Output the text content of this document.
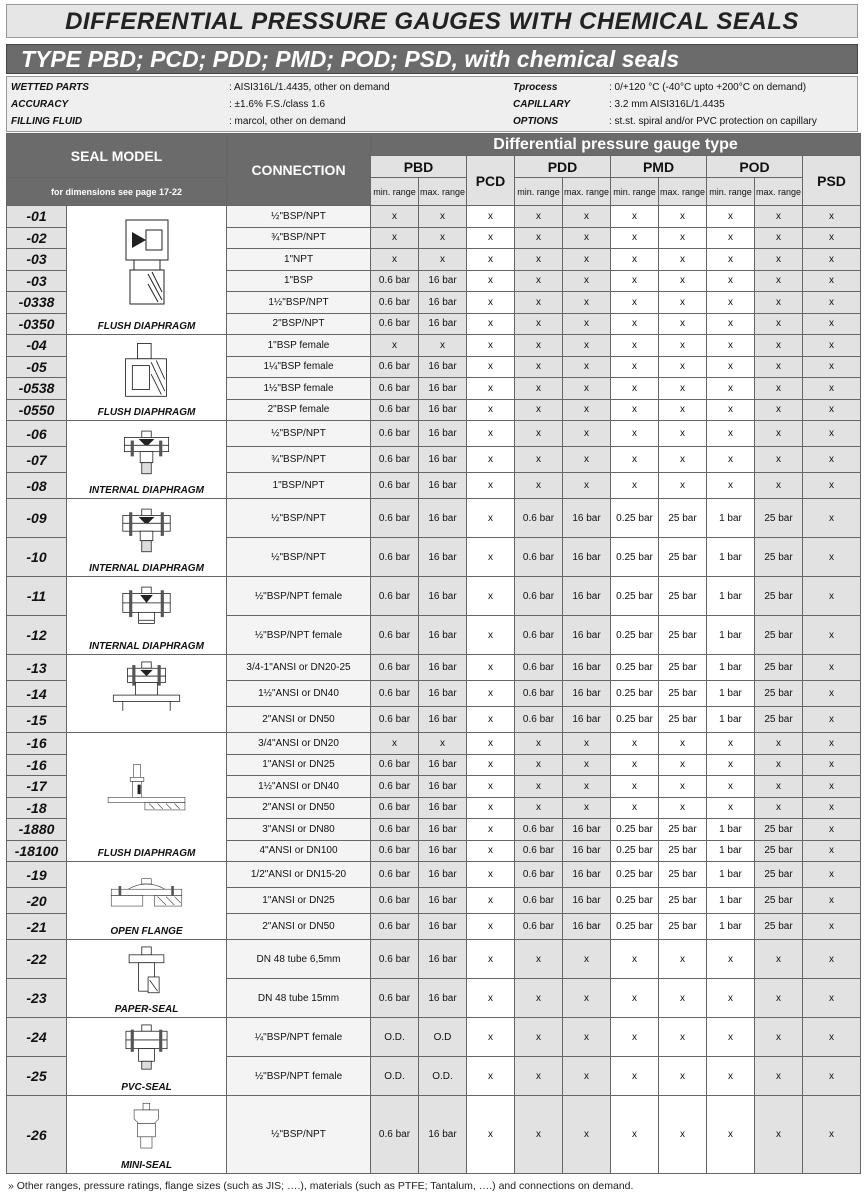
DIFFERENTIAL PRESSURE GAUGES WITH CHEMICAL SEALS
TYPE PBD; PCD; PDD; PMD; POD; PSD, with chemical seals
WETTED PARTS	: AISI316L/1.4435, other on demand
ACCURACY	: ±1.6% F.S./class 1.6
FILLING FLUID	: marcol, other on demand
Tprocess	: 0/+120 °C (-40°C upto +200°C on demand)
CAPILLARY	: 3.2 mm AISI316L/1.4435
OPTIONS	: st.st. spiral and/or PVC protection on capillary
SEAL MODEL		CONNECTION	Differential pressure gauge type									
			PBD		PCD	PDD		PMD		POD		PSD
for dimensions see page 17-22			min. range	max. range		min. range	max. range	min. range	max. range	min. range	max. range	
-01	FLUSH DIAPHRAGM	½"BSP/NPT	x	x	x	x	x	x	x	x	x	x
-02		¾"BSP/NPT	x	x	x	x	x	x	x	x	x	x
-03		1"NPT	x	x	x	x	x	x	x	x	x	x
-03		1"BSP	0.6 bar	16 bar	x	x	x	x	x	x	x	x
-0338		1½"BSP/NPT	0.6 bar	16 bar	x	x	x	x	x	x	x	x
-0350		2"BSP/NPT	0.6 bar	16 bar	x	x	x	x	x	x	x	x
-04	FLUSH DIAPHRAGM	1"BSP female	x	x	x	x	x	x	x	x	x	x
-05		1¼"BSP female	0.6 bar	16 bar	x	x	x	x	x	x	x	x
-0538		1½"BSP female	0.6 bar	16 bar	x	x	x	x	x	x	x	x
-0550		2"BSP female	0.6 bar	16 bar	x	x	x	x	x	x	x	x
-06	INTERNAL DIAPHRAGM	½"BSP/NPT	0.6 bar	16 bar	x	x	x	x	x	x	x	x
-07		¾"BSP/NPT	0.6 bar	16 bar	x	x	x	x	x	x	x	x
-08		1"BSP/NPT	0.6 bar	16 bar	x	x	x	x	x	x	x	x
-09	INTERNAL DIAPHRAGM	½"BSP/NPT	0.6 bar	16 bar	x	0.6 bar	16 bar	0.25 bar	25 bar	1 bar	25 bar	x
-10		½"BSP/NPT	0.6 bar	16 bar	x	0.6 bar	16 bar	0.25 bar	25 bar	1 bar	25 bar	x
-11	INTERNAL DIAPHRAGM	½"BSP/NPT female	0.6 bar	16 bar	x	0.6 bar	16 bar	0.25 bar	25 bar	1 bar	25 bar	x
-12		½"BSP/NPT female	0.6 bar	16 bar	x	0.6 bar	16 bar	0.25 bar	25 bar	1 bar	25 bar	x
-13		3/4-1"ANSI or DN20-25	0.6 bar	16 bar	x	0.6 bar	16 bar	0.25 bar	25 bar	1 bar	25 bar	x
-14		1½"ANSI or DN40	0.6 bar	16 bar	x	0.6 bar	16 bar	0.25 bar	25 bar	1 bar	25 bar	x
-15		2"ANSI or DN50	0.6 bar	16 bar	x	0.6 bar	16 bar	0.25 bar	25 bar	1 bar	25 bar	x
-16	FLUSH DIAPHRAGM	3/4"ANSI or DN20	x	x	x	x	x	x	x	x	x	x
-16		1"ANSI or DN25	0.6 bar	16 bar	x	x	x	x	x	x	x	x
-17		1½"ANSI or DN40	0.6 bar	16 bar	x	x	x	x	x	x	x	x
-18		2"ANSI or DN50	0.6 bar	16 bar	x	x	x	x	x	x	x	x
-1880		3"ANSI or DN80	0.6 bar	16 bar	x	0.6 bar	16 bar	0.25 bar	25 bar	1 bar	25 bar	x
-18100		4"ANSI or DN100	0.6 bar	16 bar	x	0.6 bar	16 bar	0.25 bar	25 bar	1 bar	25 bar	x
-19	OPEN FLANGE	1/2"ANSI or DN15-20	0.6 bar	16 bar	x	0.6 bar	16 bar	0.25 bar	25 bar	1 bar	25 bar	x
-20		1"ANSI or DN25	0.6 bar	16 bar	x	0.6 bar	16 bar	0.25 bar	25 bar	1 bar	25 bar	x
-21		2"ANSI or DN50	0.6 bar	16 bar	x	0.6 bar	16 bar	0.25 bar	25 bar	1 bar	25 bar	x
-22	PAPER-SEAL	DN 48 tube 6,5mm	0.6 bar	16 bar	x	x	x	x	x	x	x	x
-23		DN 48 tube 15mm	0.6 bar	16 bar	x	x	x	x	x	x	x	x
-24	PVC-SEAL	¼"BSP/NPT female	O.D.	O.D	x	x	x	x	x	x	x	x
-25		½"BSP/NPT female	O.D.	O.D.	x	x	x	x	x	x	x	x
-26	MINI-SEAL	½"BSP/NPT	0.6 bar	16 bar	x	x	x	x	x	x	x	x
» Other ranges, pressure ratings, flange sizes (such as JIS; ….), materials (such as PTFE; Tantalum, ….) and connections on demand.
